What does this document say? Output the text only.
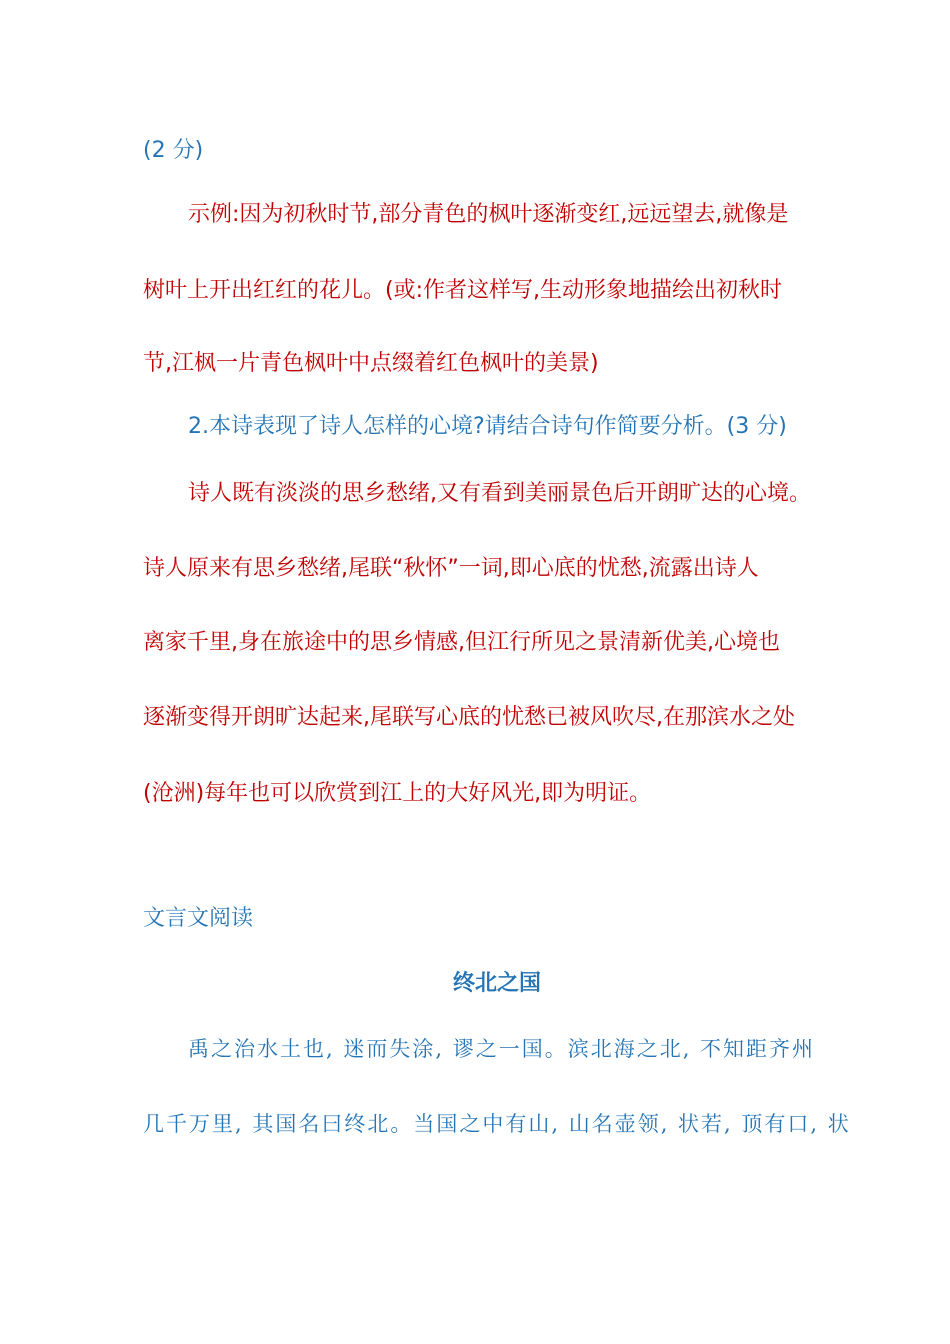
(2 分)
示例:因为初秋时节,部分青色的枫叶逐渐变红,远远望去,就像是
树叶上开出红红的花儿。(或:作者这样写,生动形象地描绘出初秋时
节,江枫一片青色枫叶中点缀着红色枫叶的美景)
2.本诗表现了诗人怎样的心境?请结合诗句作简要分析。(3 分)
诗人既有淡淡的思乡愁绪,又有看到美丽景色后开朗旷达的心境。
诗人原来有思乡愁绪,尾联“秋怀”一词,即心底的忧愁,流露出诗人
离家千里,身在旅途中的思乡情感,但江行所见之景清新优美,心境也
逐渐变得开朗旷达起来,尾联写心底的忧愁已被风吹尽,在那滨水之处
(沧洲)每年也可以欣赏到江上的大好风光,即为明证。
文言文阅读
终北之国
禹之治水土也, 迷而失涂, 谬之一国。滨北海之北, 不知距齐州
几千万里, 其国名曰终北。当国之中有山, 山名壶领, 状若, 顶有口, 状
